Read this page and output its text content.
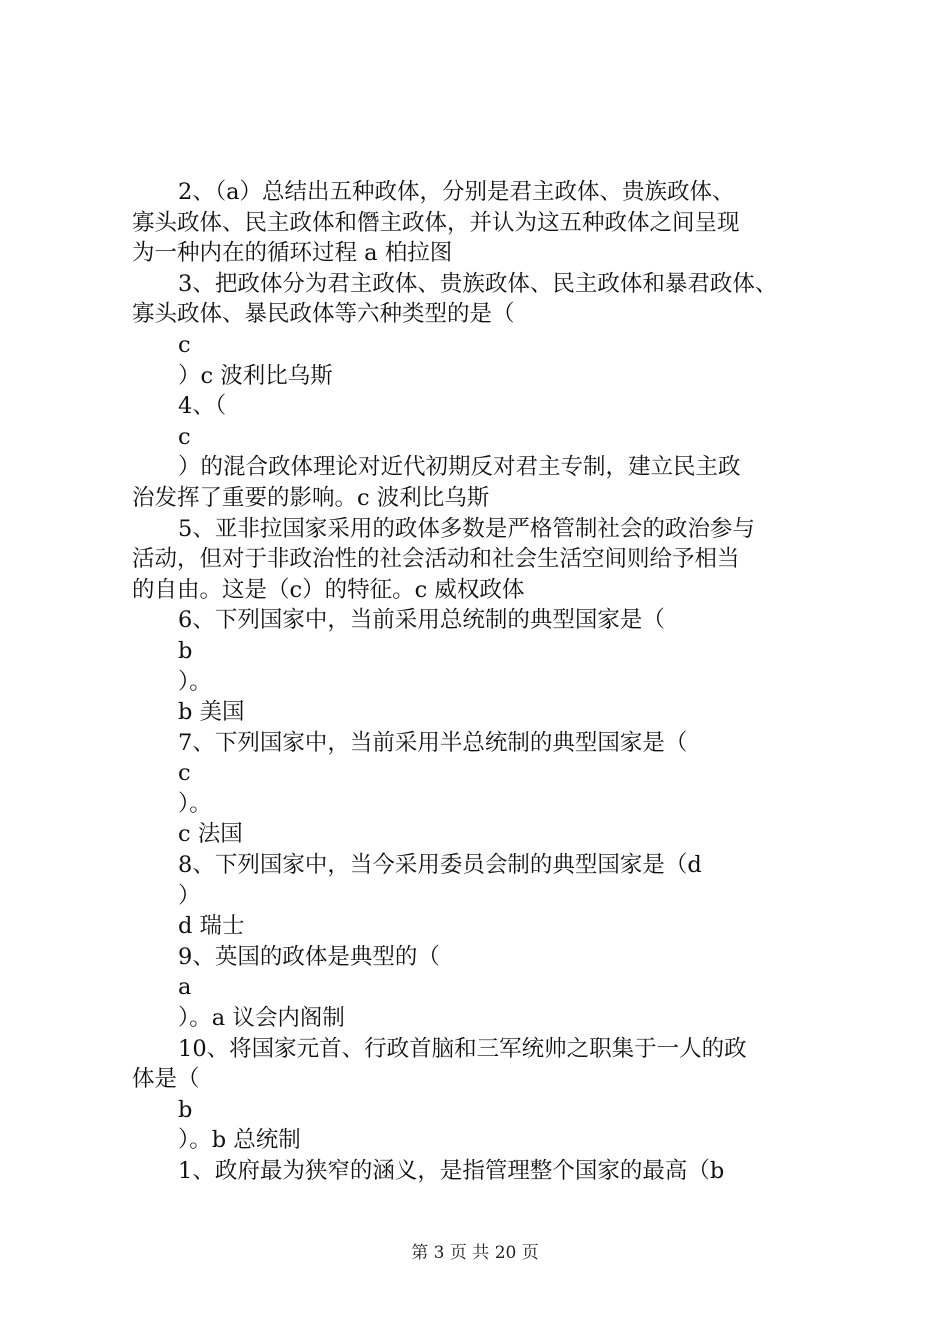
2、（a）总结出五种政体，分别是君主政体、贵族政体、
寡头政体、民主政体和僭主政体，并认为这五种政体之间呈现
为一种内在的循环过程 a 柏拉图
3、把政体分为君主政体、贵族政体、民主政体和暴君政体、
寡头政体、暴民政体等六种类型的是（
c
）c 波利比乌斯
4、（
c
）的混合政体理论对近代初期反对君主专制，建立民主政
治发挥了重要的影响。c 波利比乌斯
5、亚非拉国家采用的政体多数是严格管制社会的政治参与
活动，但对于非政治性的社会活动和社会生活空间则给予相当
的自由。这是（c）的特征。c 威权政体
6、下列国家中，当前采用总统制的典型国家是（
b
）。
b 美国
7、下列国家中，当前采用半总统制的典型国家是（
c
）。
c 法国
8、下列国家中，当今采用委员会制的典型国家是（d
）
d 瑞士
9、英国的政体是典型的（
a
）。a 议会内阁制
10、将国家元首、行政首脑和三军统帅之职集于一人的政
体是（
b
）。b 总统制
1、政府最为狭窄的涵义，是指管理整个国家的最高（b
第 3 页 共 20 页
